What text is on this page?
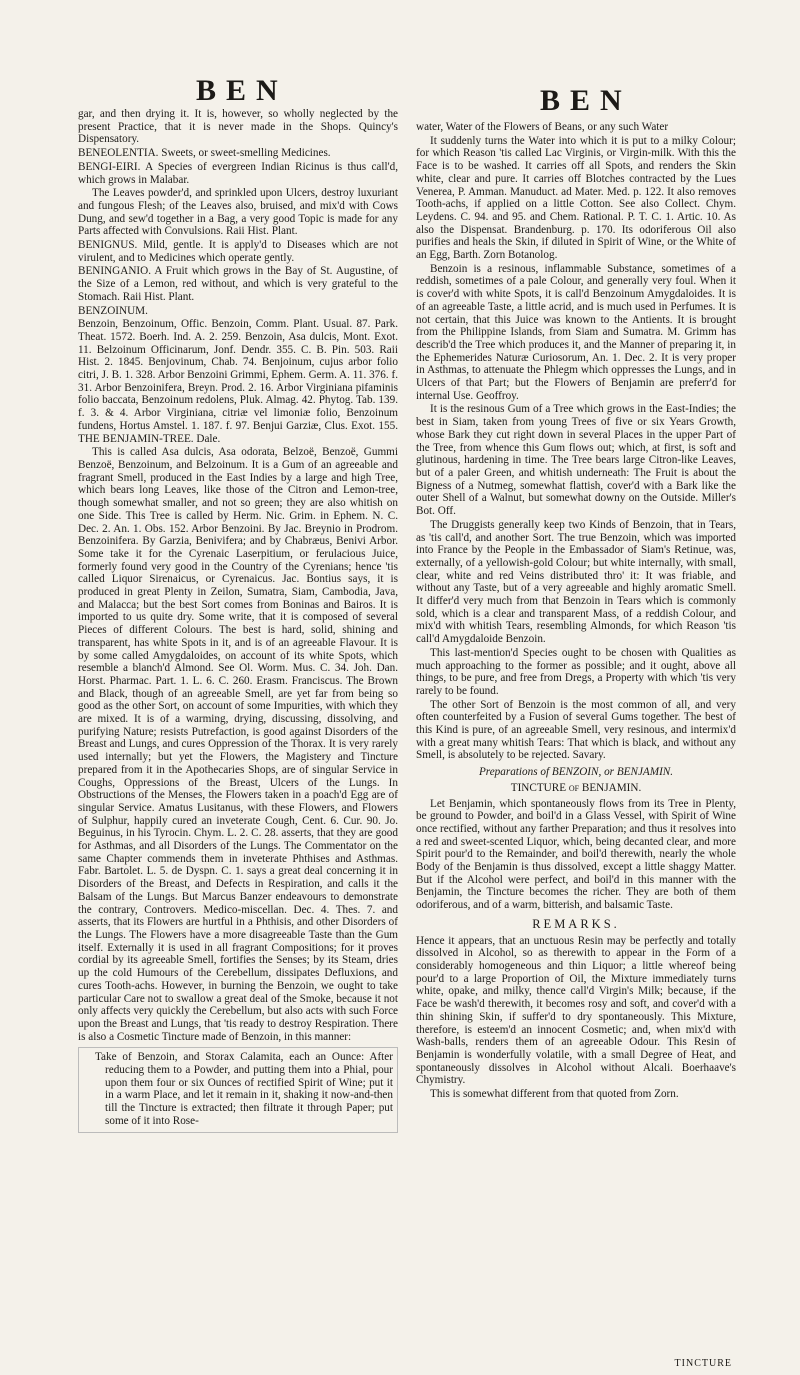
BEN	BEN

gar, and then drying it. It is, however, so wholly neglected by the present Practice, that it is never made in the Shops. Quincy's Dispensatory.

BENEOLENTIA. Sweets, or sweet-smelling Medicines.

BENGI-EIRI. A Species of evergreen Indian Ricinus is thus call'd, which grows in Malabar.

The Leaves powder'd, and sprinkled upon Ulcers, destroy luxuriant and fungous Flesh; of the Leaves also, bruised, and mix'd with Cows Dung, and sew'd together in a Bag, a very good Topic is made for any Parts affected with Convulsions. Raii Hist. Plant.

BENIGNUS. Mild, gentle. It is apply'd to Diseases which are not virulent, and to Medicines which operate gently.

BENINGANIO. A Fruit which grows in the Bay of St. Augustine, of the Size of a Lemon, red without, and which is very grateful to the Stomach. Raii Hist. Plant.

BENZOINUM.

Benzoin, Benzoinum, Offic. Benzoin, Comm. Plant. Usual. 87. Park. Theat. 1572. Boerh. Ind. A. 2. 259. Benzoin, Asa dulcis, Mont. Exot. 11. Belzoinum Officinarum, Jonf. Dendr. 355. C. B. Pin. 503. Raii Hist. 2. 1845. Benjovinum, Chab. 74. Benjoinum, cujus arbor folio citri, J. B. 1. 328. Arbor Benzoini Grimmi, Ephem. Germ. A. 11. 376. f. 31. Arbor Benzoinifera, Breyn. Prod. 2. 16. Arbor Virginiana pifaminis folio baccata, Benzoinum redolens, Pluk. Almag. 42. Phytog. Tab. 139. f. 3. & 4. Arbor Virginiana, citriæ vel limoniæ folio, Benzoinum fundens, Hortus Amstel. 1. 187. f. 97. Benjui Garziæ, Clus. Exot. 155. THE BENJAMIN-TREE. Dale.

This is called Asa dulcis, Asa odorata, Belzoë, Benzoë, Gummi Benzoë, Benzoinum, and Belzoinum. It is a Gum of an agreeable and fragrant Smell, produced in the East Indies by a large and high Tree, which bears long Leaves, like those of the Citron and Lemon-tree, though somewhat smaller, and not so green; they are also whitish on one Side. This Tree is called by Herm. Nic. Grim. in Ephem. N. C. Dec. 2. An. 1. Obs. 152. Arbor Benzoini. By Jac. Breynio in Prodrom. Benzoinifera. By Garzia, Benivifera; and by Chabræus, Benivi Arbor. Some take it for the Cyrenaic Laserpitium, or ferulacious Juice, formerly found very good in the Country of the Cyrenians; hence 'tis called Liquor Sirenaicus, or Cyrenaicus. Jac. Bontius says, it is produced in great Plenty in Zeilon, Sumatra, Siam, Cambodia, Java, and Malacca; but the best Sort comes from Boninas and Bairos. It is imported to us quite dry. Some write, that it is composed of several Pieces of different Colours. The best is hard, solid, shining and transparent, has white Spots in it, and is of an agreeable Flavour. It is by some called Amygdaloides, on account of its white Spots, which resemble a blanch'd Almond. See Ol. Worm. Mus. C. 34. Joh. Dan. Horst. Pharmac. Part. 1. L. 6. C. 260. Erasm. Franciscus. The Brown and Black, though of an agreeable Smell, are yet far from being so good as the other Sort, on account of some Impurities, with which they are mixed. It is of a warming, drying, discussing, dissolving, and purifying Nature; resists Putrefaction, is good against Disorders of the Breast and Lungs, and cures Oppression of the Thorax. It is very rarely used internally; but yet the Flowers, the Magistery and Tincture prepared from it in the Apothecaries Shops, are of singular Service in Coughs, Oppressions of the Breast, Ulcers of the Lungs. In Obstructions of the Menses, the Flowers taken in a poach'd Egg are of singular Service. Amatus Lusitanus, with these Flowers, and Flowers of Sulphur, happily cured an inveterate Cough, Cent. 6. Cur. 90. Jo. Beguinus, in his Tyrocin. Chym. L. 2. C. 28. asserts, that they are good for Asthmas, and all Disorders of the Lungs. The Commentator on the same Chapter commends them in inveterate Phthises and Asthmas. Fabr. Bartolet. L. 5. de Dyspn. C. 1. says a great deal concerning it in Disorders of the Breast, and Defects in Respiration, and calls it the Balsam of the Lungs. But Marcus Banzer endeavours to demonstrate the contrary, Controvers. Medico-miscellan. Dec. 4. Thes. 7. and asserts, that its Flowers are hurtful in a Phthisis, and other Disorders of the Lungs. The Flowers have a more disagreeable Taste than the Gum itself. Externally it is used in all fragrant Compositions; for it proves cordial by its agreeable Smell, fortifies the Senses; by its Steam, dries up the cold Humours of the Cerebellum, dissipates Defluxions, and cures Tooth-achs. However, in burning the Benzoin, we ought to take particular Care not to swallow a great deal of the Smoke, because it not only affects very quickly the Cerebellum, but also acts with such Force upon the Breast and Lungs, that 'tis ready to destroy Respiration. There is also a Cosmetic Tincture made of Benzoin, in this manner:

Take of Benzoin, and Storax Calamita, each an Ounce: After reducing them to a Powder, and putting them into a Phial, pour upon them four or six Ounces of rectified Spirit of Wine; put it in a warm Place, and let it remain in it, shaking it now-and-then till the Tincture is extracted; then filtrate it through Paper; put some of it into Rose-

water, Water of the Flowers of Beans, or any such Water

It suddenly turns the Water into which it is put to a milky Colour; for which Reason 'tis called Lac Virginis, or Virgin-milk. With this the Face is to be washed. It carries off all Spots, and renders the Skin white, clear and pure. It carries off Blotches contracted by the Lues Venerea, P. Amman. Manuduct. ad Mater. Med. p. 122. It also removes Tooth-achs, if applied on a little Cotton. See also Collect. Chym. Leydens. C. 94. and 95. and Chem. Rational. P. T. C. 1. Artic. 10. As also the Dispensat. Brandenburg. p. 170. Its odoriferous Oil also purifies and heals the Skin, if diluted in Spirit of Wine, or the White of an Egg, Barth. Zorn Botanolog.

Benzoin is a resinous, inflammable Substance, sometimes of a reddish, sometimes of a pale Colour, and generally very foul. When it is cover'd with white Spots, it is call'd Benzoinum Amygdaloides. It is of an agreeable Taste, a little acrid, and is much used in Perfumes. It is not certain, that this Juice was known to the Antients. It is brought from the Philippine Islands, from Siam and Sumatra. M. Grimm has describ'd the Tree which produces it, and the Manner of preparing it, in the Ephemerides Naturæ Curiosorum, An. 1. Dec. 2. It is very proper in Asthmas, to attenuate the Phlegm which oppresses the Lungs, and in Ulcers of that Part; but the Flowers of Benjamin are preferr'd for internal Use. Geoffroy.

It is the resinous Gum of a Tree which grows in the East-Indies; the best in Siam, taken from young Trees of five or six Years Growth, whose Bark they cut right down in several Places in the upper Part of the Tree, from whence this Gum flows out; which, at first, is soft and glutinous, hardening in time. The Tree bears large Citron-like Leaves, but of a paler Green, and whitish underneath: The Fruit is about the Bigness of a Nutmeg, somewhat flattish, cover'd with a Bark like the outer Shell of a Walnut, but somewhat downy on the Outside. Miller's Bot. Off.

The Druggists generally keep two Kinds of Benzoin, that in Tears, as 'tis call'd, and another Sort. The true Benzoin, which was imported into France by the People in the Embassador of Siam's Retinue, was, externally, of a yellowish-gold Colour; but white internally, with small, clear, white and red Veins distributed thro' it: It was friable, and without any Taste, but of a very agreeable and highly aromatic Smell. It differ'd very much from that Benzoin in Tears which is commonly sold, which is a clear and transparent Mass, of a reddish Colour, and mix'd with whitish Tears, resembling Almonds, for which Reason 'tis call'd Amygdaloide Benzoin.

This last-mention'd Species ought to be chosen with Qualities as much approaching to the former as possible; and it ought, above all things, to be pure, and free from Dregs, a Property with which 'tis very rarely to be found.

The other Sort of Benzoin is the most common of all, and very often counterfeited by a Fusion of several Gums together. The best of this Kind is pure, of an agreeable Smell, very resinous, and intermix'd with a great many whitish Tears: That which is black, and without any Smell, is absolutely to be rejected. Savary.

Preparations of BENZOIN, or BENJAMIN.

TINCTURE of BENJAMIN.

Let Benjamin, which spontaneously flows from its Tree in Plenty, be ground to Powder, and boil'd in a Glass Vessel, with Spirit of Wine once rectified, without any farther Preparation; and thus it resolves into a red and sweet-scented Liquor, which, being decanted clear, and more Spirit pour'd to the Remainder, and boil'd therewith, nearly the whole Body of the Benjamin is thus dissolved, except a little shaggy Matter. But if the Alcohol were perfect, and boil'd in this manner with the Benjamin, the Tincture becomes the richer. They are both of them odoriferous, and of a warm, bitterish, and balsamic Taste.

REMARKS.

Hence it appears, that an unctuous Resin may be perfectly and totally dissolved in Alcohol, so as therewith to appear in the Form of a considerably homogeneous and thin Liquor; a little whereof being pour'd to a large Proportion of Oil, the Mixture immediately turns white, opake, and milky, thence call'd Virgin's Milk; because, if the Face be wash'd therewith, it becomes rosy and soft, and cover'd with a thin shining Skin, if suffer'd to dry spontaneously. This Mixture, therefore, is esteem'd an innocent Cosmetic; and, when mix'd with Wash-balls, renders them of an agreeable Odour. This Resin of Benjamin is wonderfully volatile, with a small Degree of Heat, and spontaneously dissolves in Alcohol without Alcali. Boerhaave's Chymistry.

This is somewhat different from that quoted from Zorn.

TINCTURE
